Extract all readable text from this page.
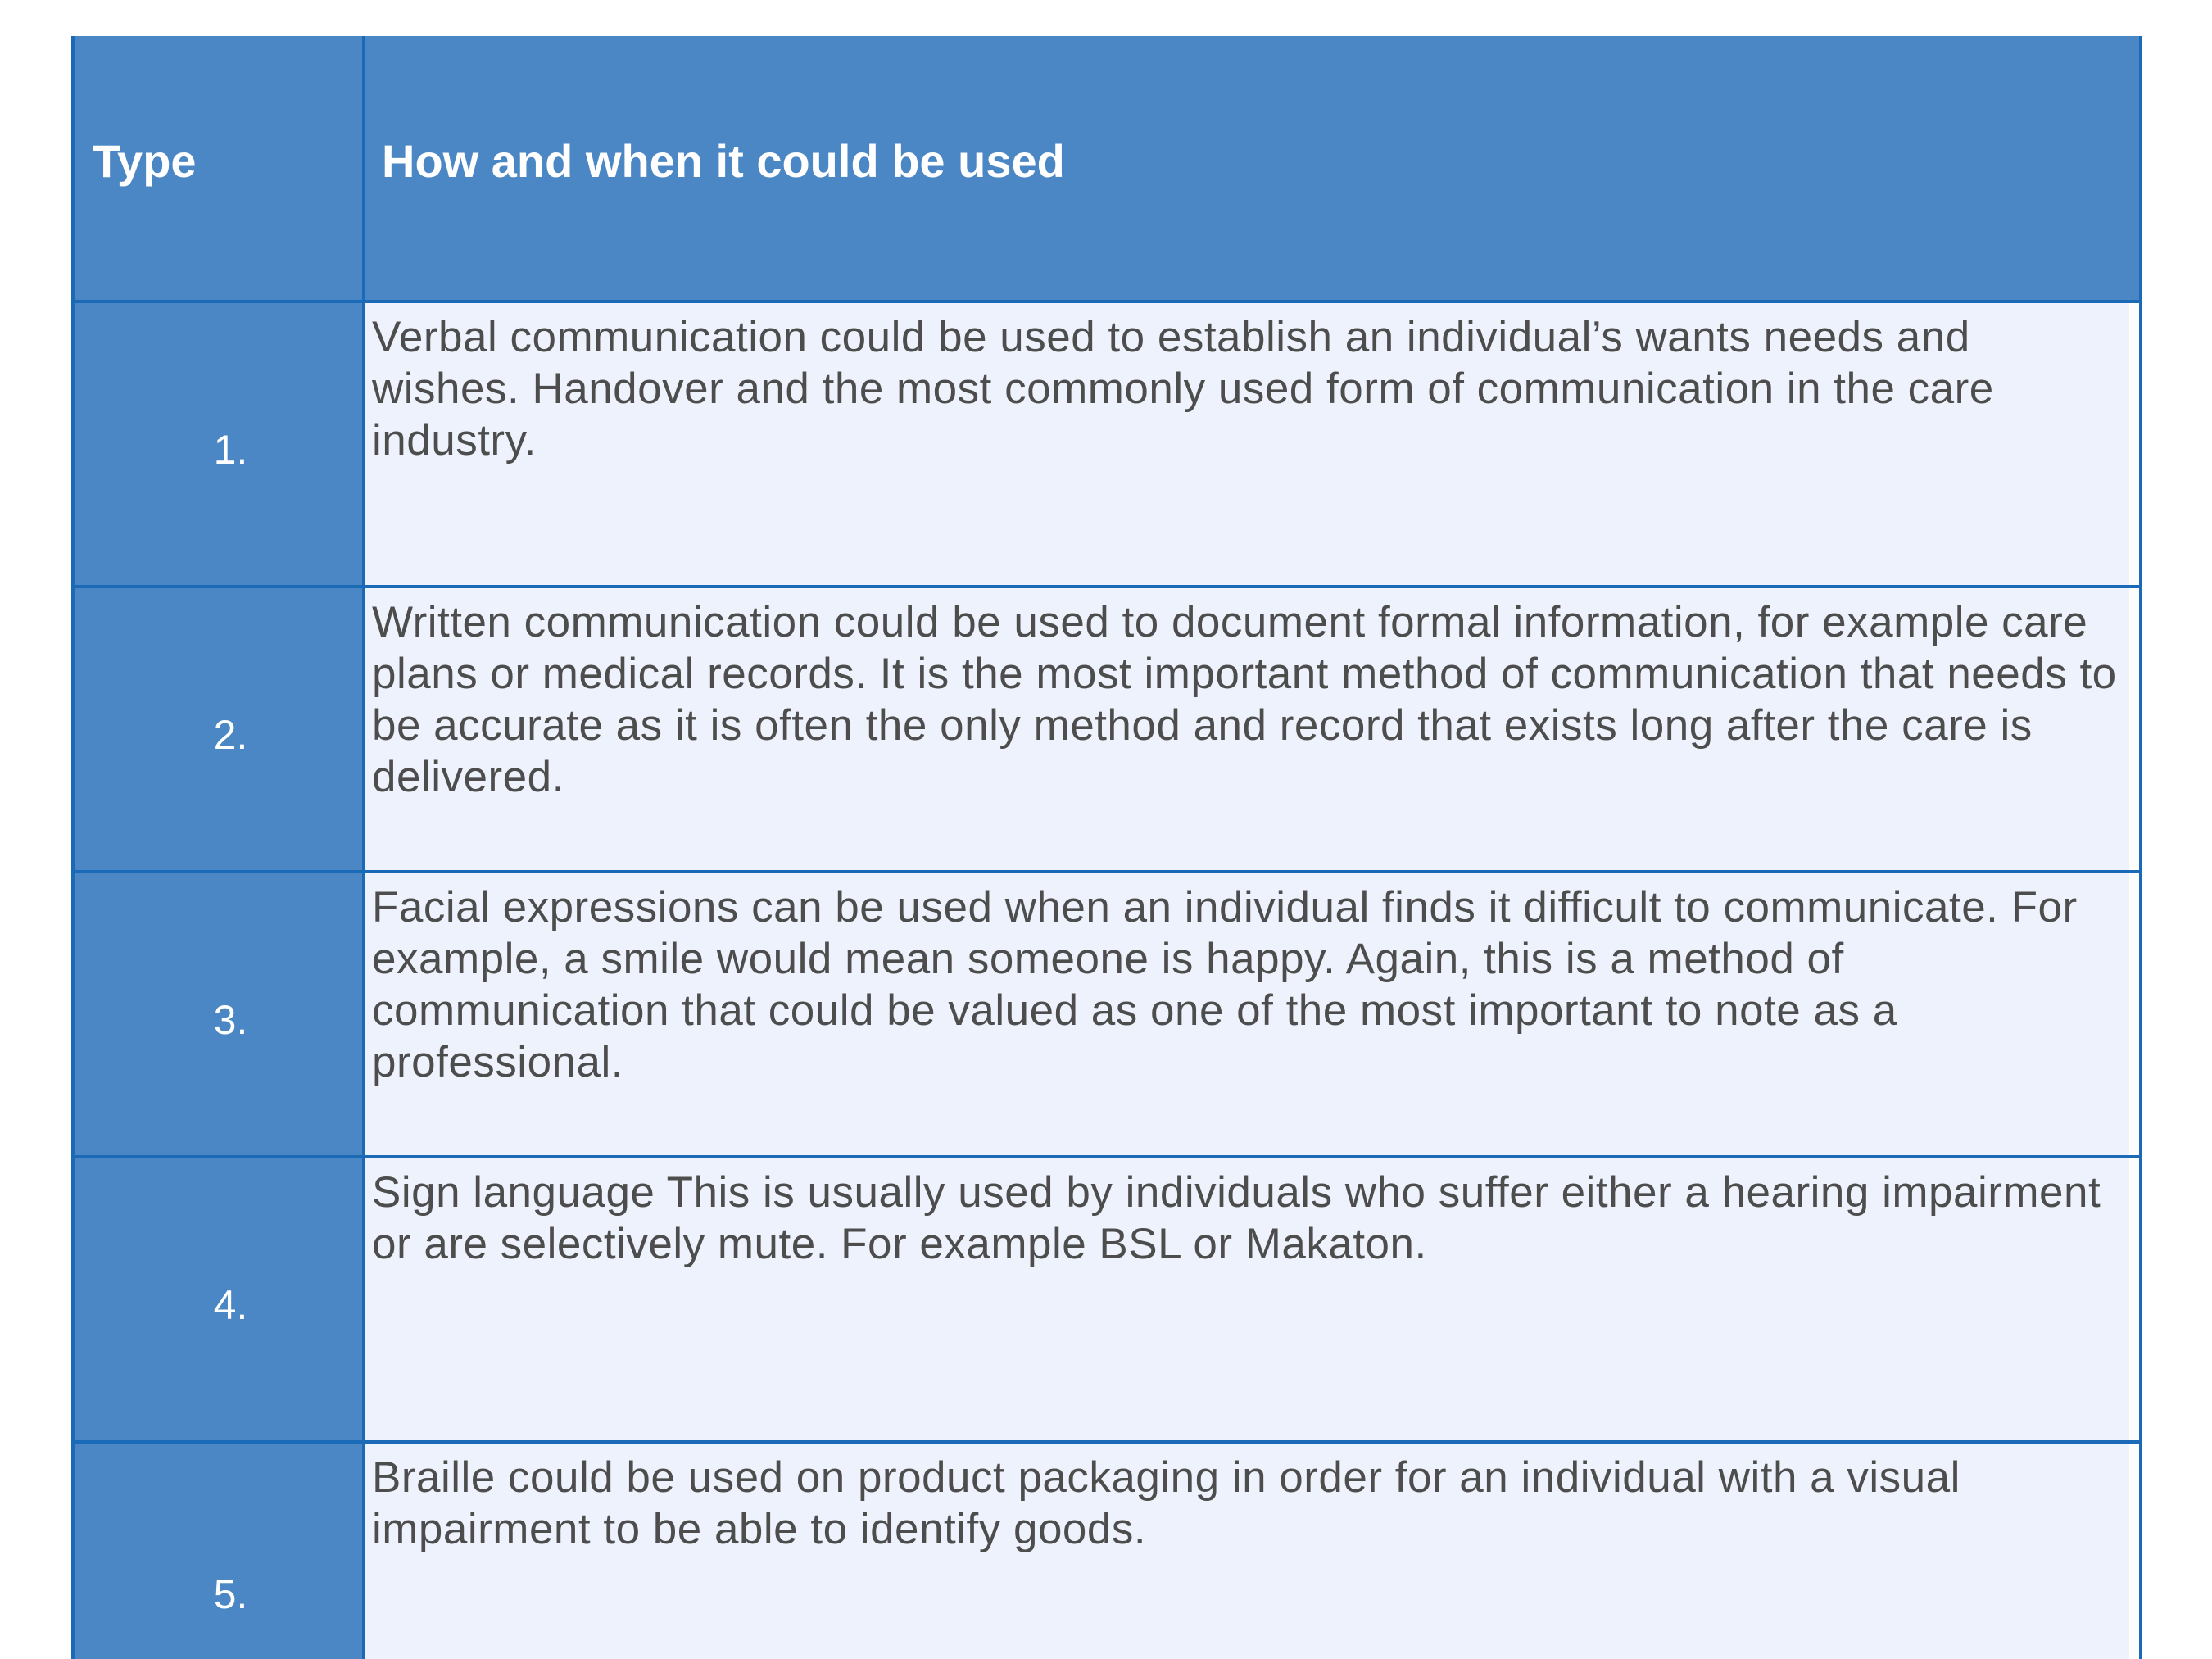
Type	How and when it could be used
1.
Verbal communication could be used to establish an individual’s wants needs and wishes. Handover and the most commonly used form of communication in the care industry.
2.
Written communication could be used to document formal information, for example care plans or medical records. It is the most important method of communication that needs to be accurate as it is often the only method and record that exists long after the care is delivered.
3.
Facial expressions can be used when an individual finds it difficult to communicate. For example, a smile would mean someone is happy. Again, this is a method of communication that could be valued as one of the most important to note as a professional.
4.
Sign language This is usually used by individuals who suffer either a hearing impairment or are selectively mute. For example BSL or Makaton.
5.
Braille could be used on product packaging in order for an individual with a visual impairment to be able to identify goods.
